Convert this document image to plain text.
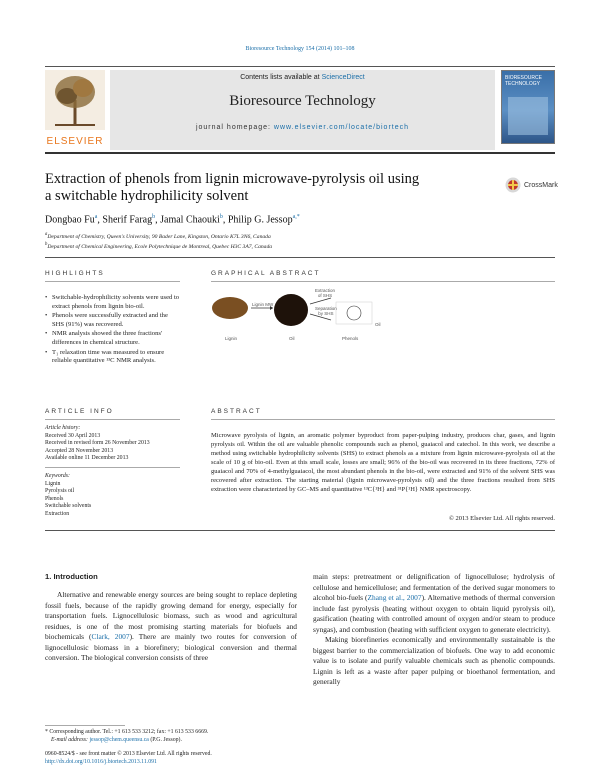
Bioresource Technology 154 (2014) 101–108
ELSEVIER
Contents lists available at ScienceDirect
Bioresource Technology
journal homepage: www.elsevier.com/locate/biortech
BIORESOURCE TECHNOLOGY
Extraction of phenols from lignin microwave-pyrolysis oil using
a switchable hydrophilicity solvent
CrossMark
Dongbao Fu$^a$, Sherif Farag$^b$, Jamal Chaouki$^b$, Philip G. Jessop$^{a,*}$
$^a$Department of Chemistry, Queen's University, 90 Bader Lane, Kingston, Ontario K7L 3N6, Canada
$^b$Department of Chemical Engineering, Ecole Polytechnique de Montreal, Quebec H3C 3A7, Canada
HIGHLIGHTS
• Switchable-hydrophilicity solvents were used to extract phenols from lignin bio-oil.
• Phenols were successfully extracted and the SHS (91%) was recovered.
• NMR analysis showed the three fractions' differences in chemical structure.
• T₁ relaxation time was measured to ensure reliable quantitative ¹³C NMR analysis.
GRAPHICAL ABSTRACT
Lignin MW
Extraction
of SHS
Separation
by SHS
Oil
Lignin	Oil	Phenols
ARTICLE INFO
Article history:
Received 30 April 2013
Received in revised form 26 November 2013
Accepted 28 November 2013
Available online 11 December 2013
Keywords:
Lignin
Pyrolysis oil
Phenols
Switchable solvents
Extraction
ABSTRACT
Microwave pyrolysis of lignin, an aromatic polymer byproduct from paper-pulping industry, produces char, gases, and lignin pyrolysis oil. Within the oil are valuable phenolic compounds such as phenol, guaiacol and catechol. In this work, we describe a method using switchable hydrophilicity solvents (SHS) to extract phenols as a mixture from lignin microwave-pyrolysis oil at the scale of 10 g of bio-oil. Even at this small scale, losses are small; 96% of the bio-oil was recovered in its three fractions, 72% of guaiacol and 70% of 4-methylguaiacol, the most abundant phenols in the bio-oil, were extracted and 91% of the solvent SHS was recovered after extraction. The starting material (lignin microwave-pyrolysis oil) and the three fractions resulted from SHS extraction were characterized by GC–MS and quantitative ¹³C{¹H} and ³¹P{¹H} NMR spectroscopy.
© 2013 Elsevier Ltd. All rights reserved.
1. Introduction

Alternative and renewable energy sources are being sought to replace depleting fossil fuels, because of the rapidly growing demand for energy, especially for transportation fuels. Lignocellulosic biomass, such as wood and agricultural residues, is one of the most promising starting materials for biofuels and biochemicals (Clark, 2007). There are mainly two routes for conversion of lignocellulosic biomass in a biorefinery; biological conversion and thermal conversion. The biological conversion consists of three

main steps: pretreatment or delignification of lignocellulose; hydrolysis of cellulose and hemicellulose; and fermentation of the derived sugar monomers to alcohol bio-fuels (Zhang et al., 2007). Alternative methods of thermal conversion include fast pyrolysis (heating without oxygen to obtain liquid pyrolysis oil), gasification (heating with controlled amount of oxygen and/or steam to produce syngas), and combustion (heating with sufficient oxygen to generate electricity).

Making biorefineries economically and environmentally sustainable is the biggest barrier to the commercialization of biofuels. One way to add economic value is to isolate and purify valuable chemicals such as phenolic compounds. Lignin is left as a waste after paper pulping or bioethanol fermentation, and generally

* Corresponding author. Tel.: +1 613 533 3212; fax: +1 613 533 6669.
E-mail address: jessop@chem.queensu.ca (P.G. Jessop).
0960-8524/$ - see front matter © 2013 Elsevier Ltd. All rights reserved.
http://dx.doi.org/10.1016/j.biortech.2013.11.091
